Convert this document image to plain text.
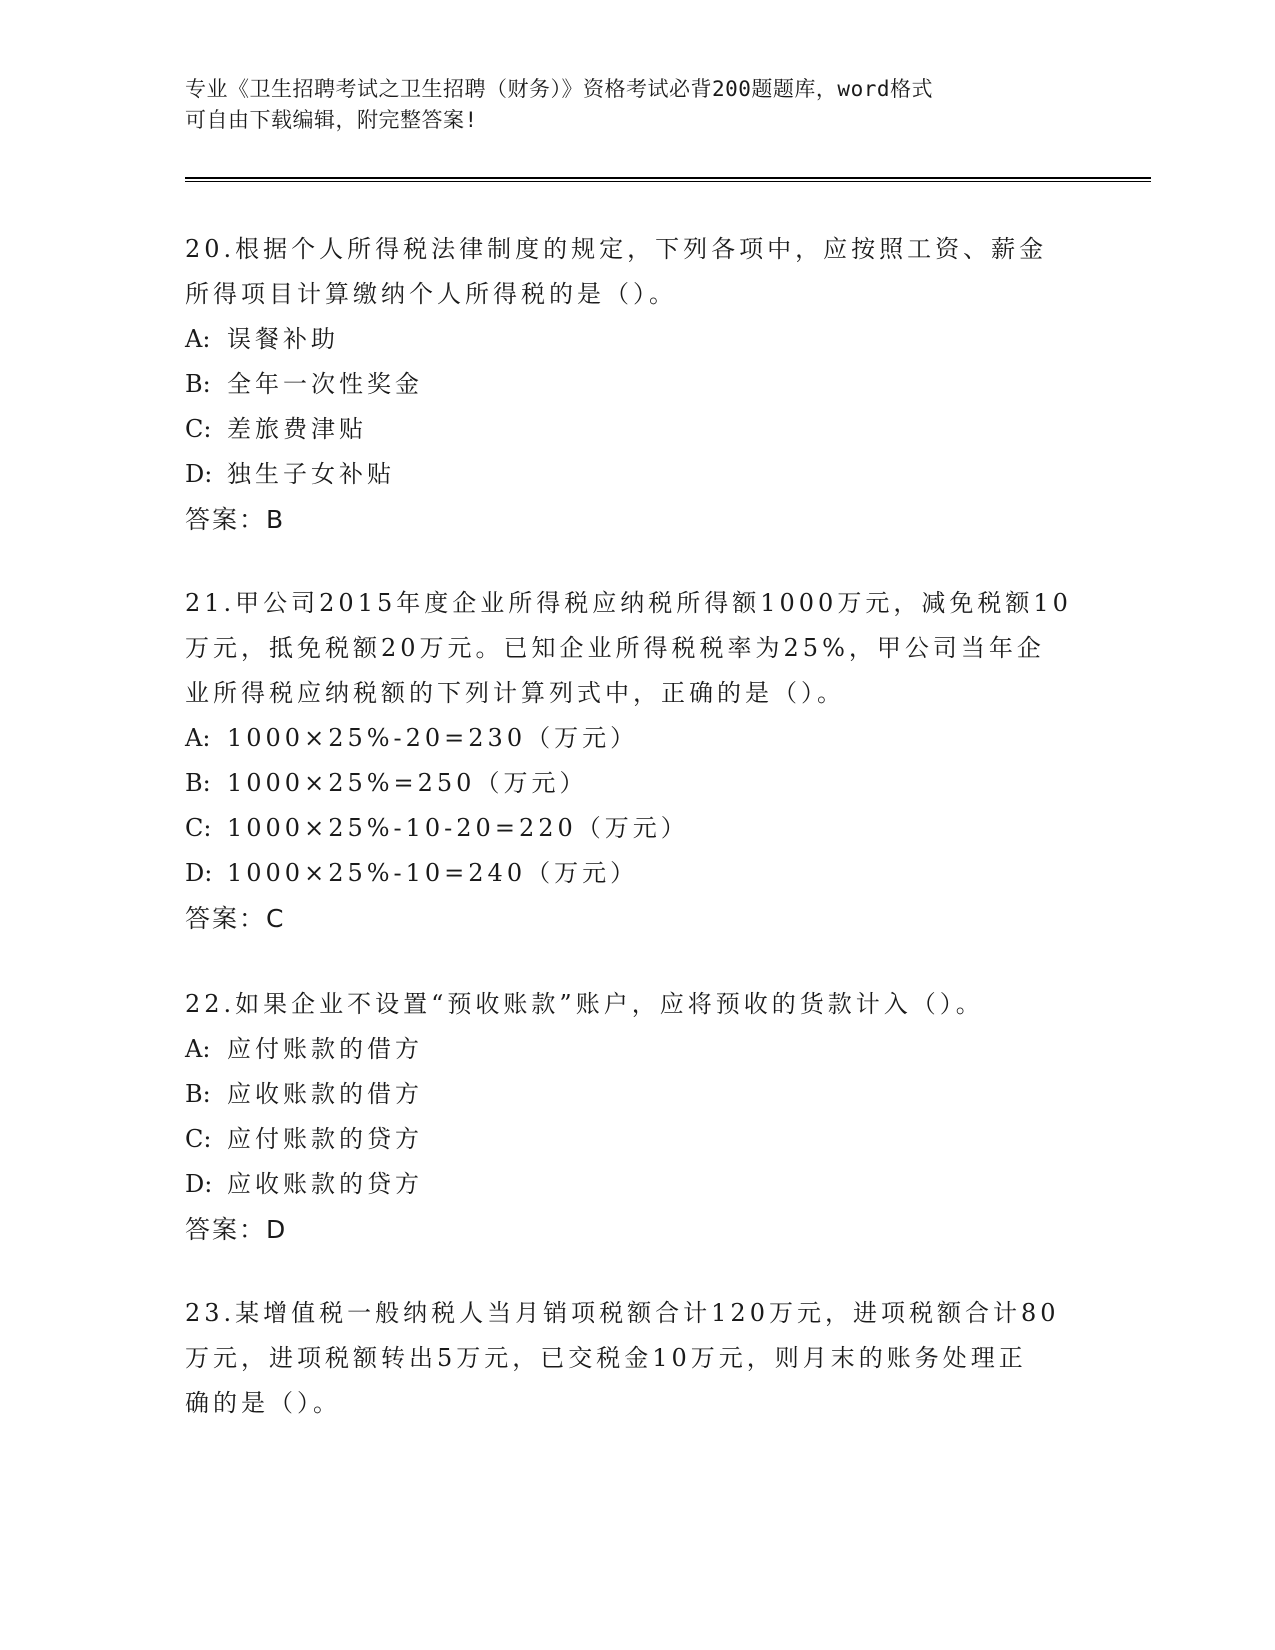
专业《卫生招聘考试之卫生招聘（财务）》资格考试必背200题题库，word格式
可自由下载编辑，附完整答案!
20.根据个人所得税法律制度的规定，下列各项中，应按照工资、薪金
所得项目计算缴纳个人所得税的是（）。
A: 误餐补助
B: 全年一次性奖金
C: 差旅费津贴
D: 独生子女补贴
答案：B
21.甲公司2015年度企业所得税应纳税所得额1000万元，减免税额10
万元，抵免税额20万元。已知企业所得税税率为25%，甲公司当年企
业所得税应纳税额的下列计算列式中，正确的是（）。
A: 1000×25%-20=230（万元）
B: 1000×25%=250（万元）
C: 1000×25%-10-20=220（万元）
D: 1000×25%-10=240（万元）
答案：C
22.如果企业不设置“预收账款”账户，应将预收的货款计入（）。
A: 应付账款的借方
B: 应收账款的借方
C: 应付账款的贷方
D: 应收账款的贷方
答案：D
23.某增值税一般纳税人当月销项税额合计120万元，进项税额合计80
万元，进项税额转出5万元，已交税金10万元，则月末的账务处理正
确的是（）。
